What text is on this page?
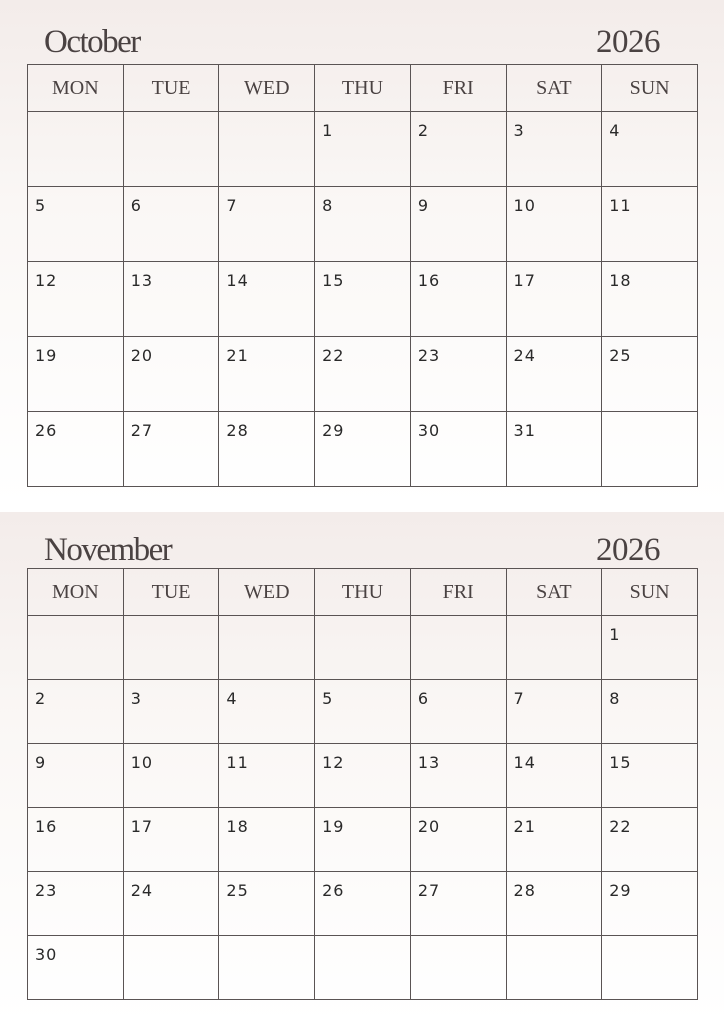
October	2026
MON	TUE	WED	THU	FRI	SAT	SUN

			1	2	3	4

5	6	7	8	9	10	11

12	13	14	15	16	17	18

19	20	21	22	23	24	25

26	27	28	29	30	31	

November	2026
MON	TUE	WED	THU	FRI	SAT	SUN

						1

2	3	4	5	6	7	8

9	10	11	12	13	14	15

16	17	18	19	20	21	22

23	24	25	26	27	28	29

30						
